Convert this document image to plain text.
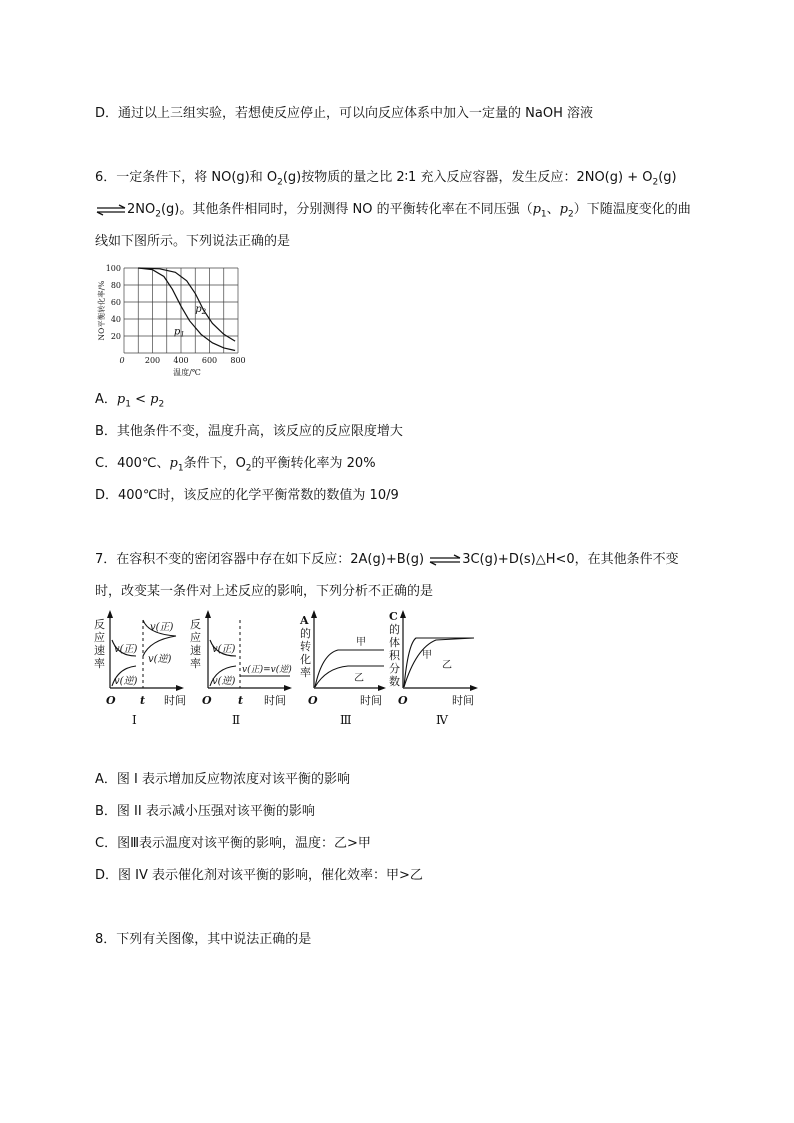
D．通过以上三组实验，若想使反应停止，可以向反应体系中加入一定量的 NaOH 溶液
6．一定条件下，将 NO(g)和 $O_2(g)$按物质的量之比 2∶1 充入反应容器，发生反应：$2NO(g) + O_2(g)$
$\rightleftharpoons 2NO_2(g)$。其他条件相同时，分别测得 NO 的平衡转化率在不同压强（$p_1$、$p_2$）下随温度变化的曲
线如下图所示。下列说法正确的是
100
80
60
40
20
200 400 600 800
0
温度/℃
NO平衡转化率/%	$p_1$
$p_2$
A．$p_1 < p_2$
B．其他条件不变，温度升高，该反应的反应限度增大
C．400℃、$p_1$条件下，$O_2$的平衡转化率为 20%
D．400℃时，该反应的化学平衡常数的数值为 10/9
7．在容积不变的密闭容器中存在如下反应：2A(g)+B(g) ⇌3C(g)+D(s)△H<0，在其他条件不变
时，改变某一条件对上述反应的影响，下列分析不正确的是
反
应
速
率
v(正)
v(逆)
v(正)
v(逆)
O t 时间
Ⅰ
反
应
速
率
v(正)
v(逆)
v(正)=v(逆)
O t 时间
Ⅱ
A
的
转
化
率
甲
乙
O	时间
Ⅲ
C
的
体
积
分
数
甲
乙
O	时间
Ⅳ
A．图 I 表示增加反应物浓度对该平衡的影响
B．图 II 表示减小压强对该平衡的影响
C．图Ⅲ表示温度对该平衡的影响，温度：乙>甲
D．图 IV 表示催化剂对该平衡的影响，催化效率：甲>乙
8．下列有关图像，其中说法正确的是
